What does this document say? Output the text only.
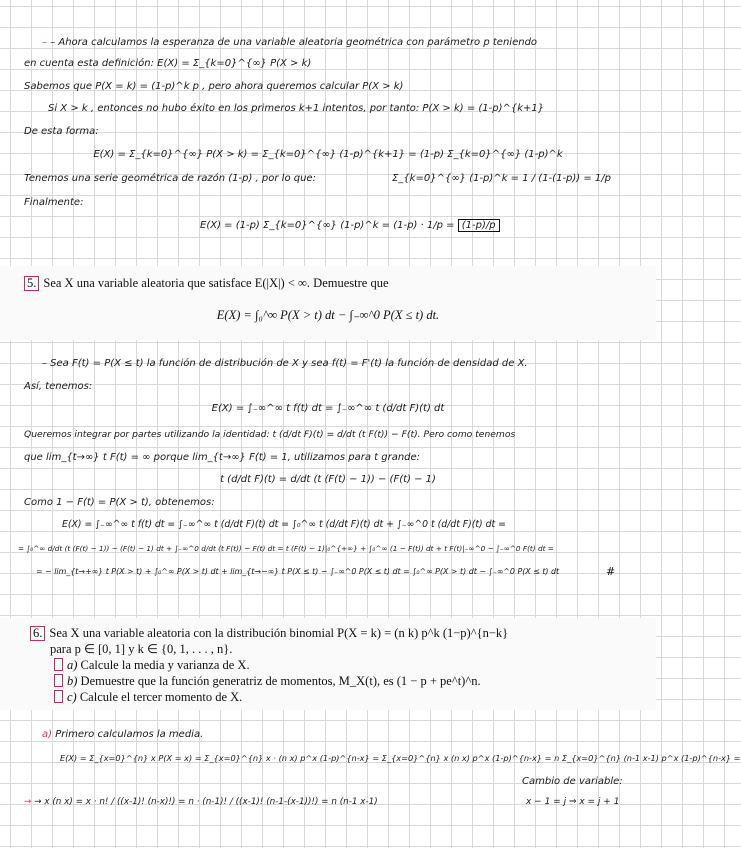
– – Ahora calculamos la esperanza de una variable aleatoria geométrica con parámetro p teniendo
en cuenta esta definición: E(X) = Σ_{k=0}^{∞} P(X > k)
Sabemos que P(X = k) = (1-p)^k p , pero ahora queremos calcular P(X > k)
Si X > k , entonces no hubo éxito en los primeros k+1 intentos, por tanto: P(X > k) = (1-p)^{k+1}
De esta forma:
E(X) = Σ_{k=0}^{∞} P(X > k) = Σ_{k=0}^{∞} (1-p)^{k+1} = (1-p) Σ_{k=0}^{∞} (1-p)^k
Tenemos una serie geométrica de razón (1-p) , por lo que:	Σ_{k=0}^{∞} (1-p)^k = 1 / (1-(1-p)) = 1/p
Finalmente:
E(X) = (1-p) Σ_{k=0}^{∞} (1-p)^k = (1-p) · 1/p = (1-p)/p
5. Sea X una variable aleatoria que satisface E(|X|) < ∞. Demuestre que
E(X) = ∫₀^∞ P(X > t) dt − ∫₋∞^0 P(X ≤ t) dt.
– Sea F(t) = P(X ≤ t) la función de distribución de X y sea f(t) = F'(t) la función de densidad de X.
Así, tenemos:
E(X) = ∫₋∞^∞ t f(t) dt = ∫₋∞^∞ t (d/dt F)(t) dt
Queremos integrar por partes utilizando la identidad: t (d/dt F)(t) = d/dt (t F(t)) − F(t). Pero como tenemos
que lim_{t→∞} t F(t) = ∞ porque lim_{t→∞} F(t) = 1, utilizamos para t grande:
t (d/dt F)(t) = d/dt (t (F(t) − 1)) − (F(t) − 1)
Como 1 − F(t) = P(X > t), obtenemos:
E(X) = ∫₋∞^∞ t f(t) dt = ∫₋∞^∞ t (d/dt F)(t) dt = ∫₀^∞ t (d/dt F)(t) dt + ∫₋∞^0 t (d/dt F)(t) dt =
= ∫₀^∞ d/dt (t (F(t) − 1)) − (F(t) − 1) dt + ∫₋∞^0 d/dt (t F(t)) − F(t) dt = t (F(t) − 1)|₀^{+∞} + ∫₀^∞ (1 − F(t)) dt + t F(t)|₋∞^0 − ∫₋∞^0 F(t) dt =
= − lim_{t→+∞} t P(X > t) + ∫₀^∞ P(X > t) dt + lim_{t→−∞} t P(X ≤ t) − ∫₋∞^0 P(X ≤ t) dt = ∫₀^∞ P(X > t) dt − ∫₋∞^0 P(X ≤ t) dt	#
6. Sea X una variable aleatoria con la distribución binomial P(X = k) = (n k) p^k (1−p)^{n−k}
para p ∈ [0, 1] y k ∈ {0, 1, . . . , n}.
a) Calcule la media y varianza de X.
b) Demuestre que la función generatriz de momentos, M_X(t), es (1 − p + pe^t)^n.
c) Calcule el tercer momento de X.
a) Primero calculamos la media.
E(X) = Σ_{x=0}^{n} x P(X = x) = Σ_{x=0}^{n} x · (n x) p^x (1-p)^{n-x} = Σ_{x=0}^{n} x (n x) p^x (1-p)^{n-x} = n Σ_{x=0}^{n} (n-1 x-1) p^x (1-p)^{n-x} =
Cambio de variable:
→ → x (n x) = x · n! / ((x-1)! (n-x)!) = n · (n-1)! / ((x-1)! (n-1-(x-1))!) = n (n-1 x-1)	x − 1 = j ⇒ x = j + 1
